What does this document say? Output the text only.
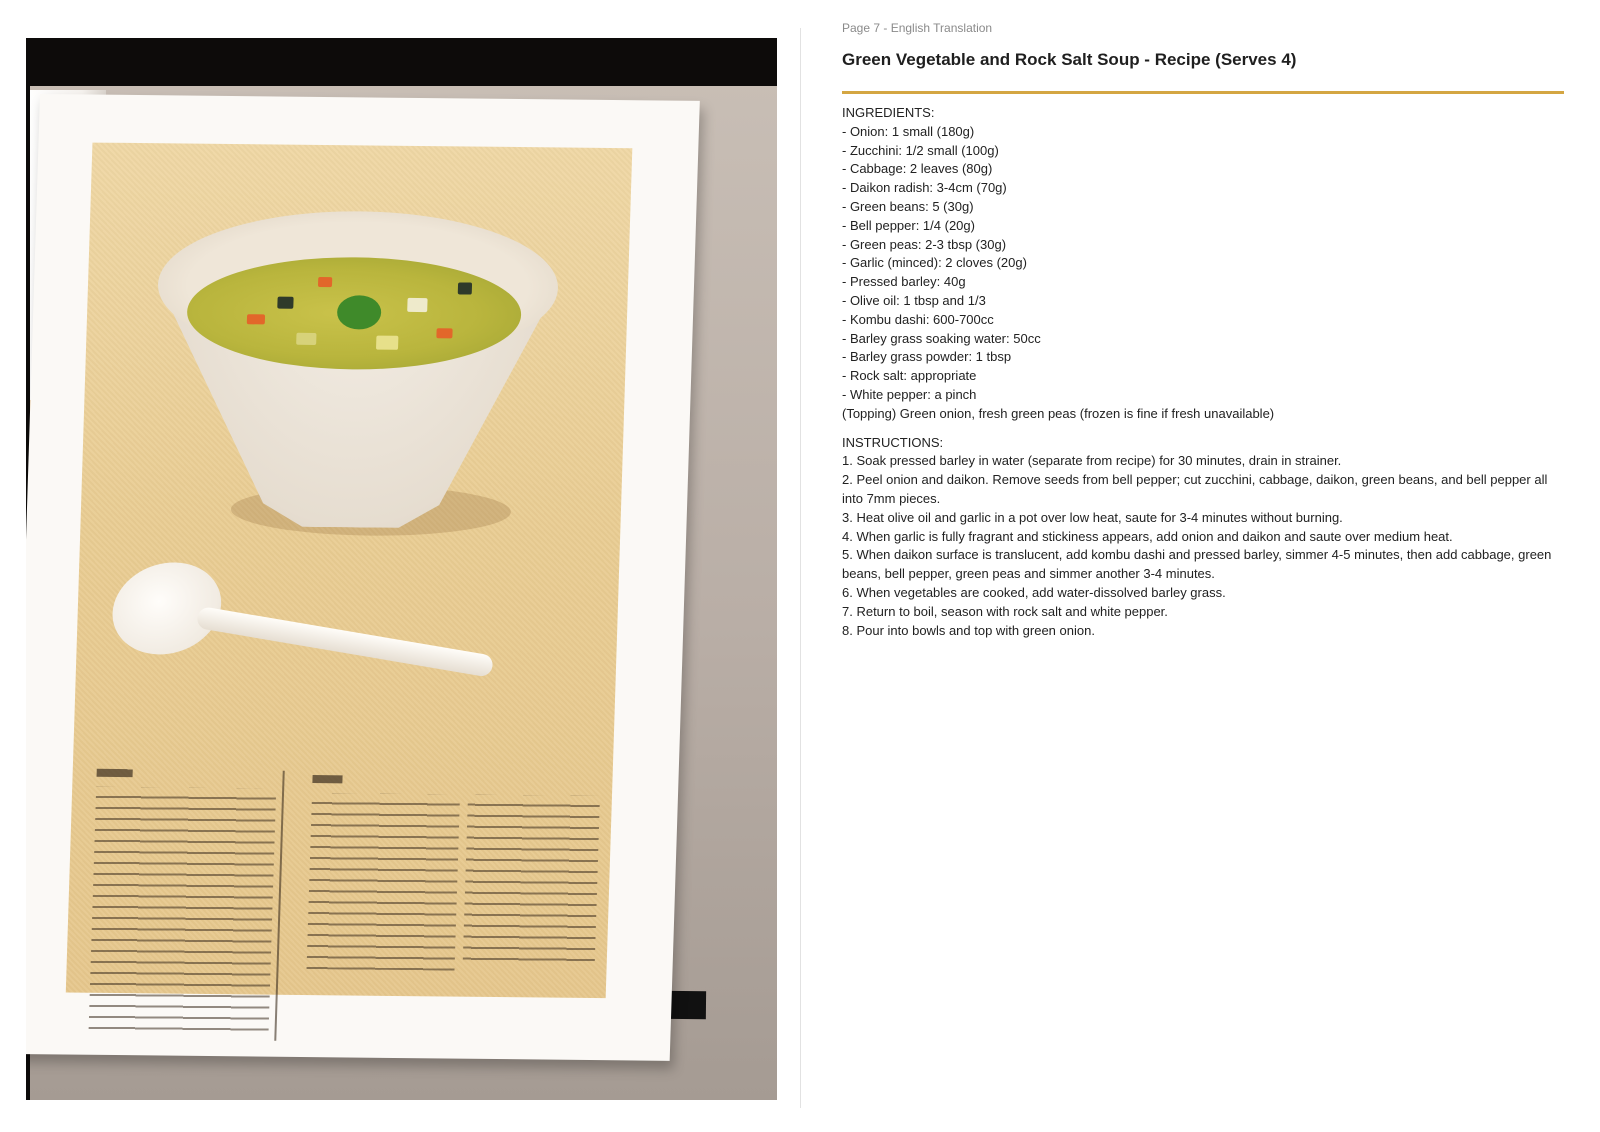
Page 7 - English Translation
Green Vegetable and Rock Salt Soup - Recipe (Serves 4)

INGREDIENTS:

- Onion: 1 small (180g)
- Zucchini: 1/2 small (100g)
- Cabbage: 2 leaves (80g)
- Daikon radish: 3-4cm (70g)
- Green beans: 5 (30g)
- Bell pepper: 1/4 (20g)
- Green peas: 2-3 tbsp (30g)
- Garlic (minced): 2 cloves (20g)
- Pressed barley: 40g
- Olive oil: 1 tbsp and 1/3
- Kombu dashi: 600-700cc
- Barley grass soaking water: 50cc
- Barley grass powder: 1 tbsp
- Rock salt: appropriate
- White pepper: a pinch
(Topping) Green onion, fresh green peas (frozen is fine if fresh unavailable)

INSTRUCTIONS:

1. Soak pressed barley in water (separate from recipe) for 30 minutes, drain in strainer.
2. Peel onion and daikon. Remove seeds from bell pepper; cut zucchini, cabbage, daikon, green beans, and bell pepper all into 7mm pieces.
3. Heat olive oil and garlic in a pot over low heat, saute for 3-4 minutes without burning.
4. When garlic is fully fragrant and stickiness appears, add onion and daikon and saute over medium heat.
5. When daikon surface is translucent, add kombu dashi and pressed barley, simmer 4-5 minutes, then add cabbage, green beans, bell pepper, green peas and simmer another 3-4 minutes.
6. When vegetables are cooked, add water-dissolved barley grass.
7. Return to boil, season with rock salt and white pepper.
8. Pour into bowls and top with green onion.
